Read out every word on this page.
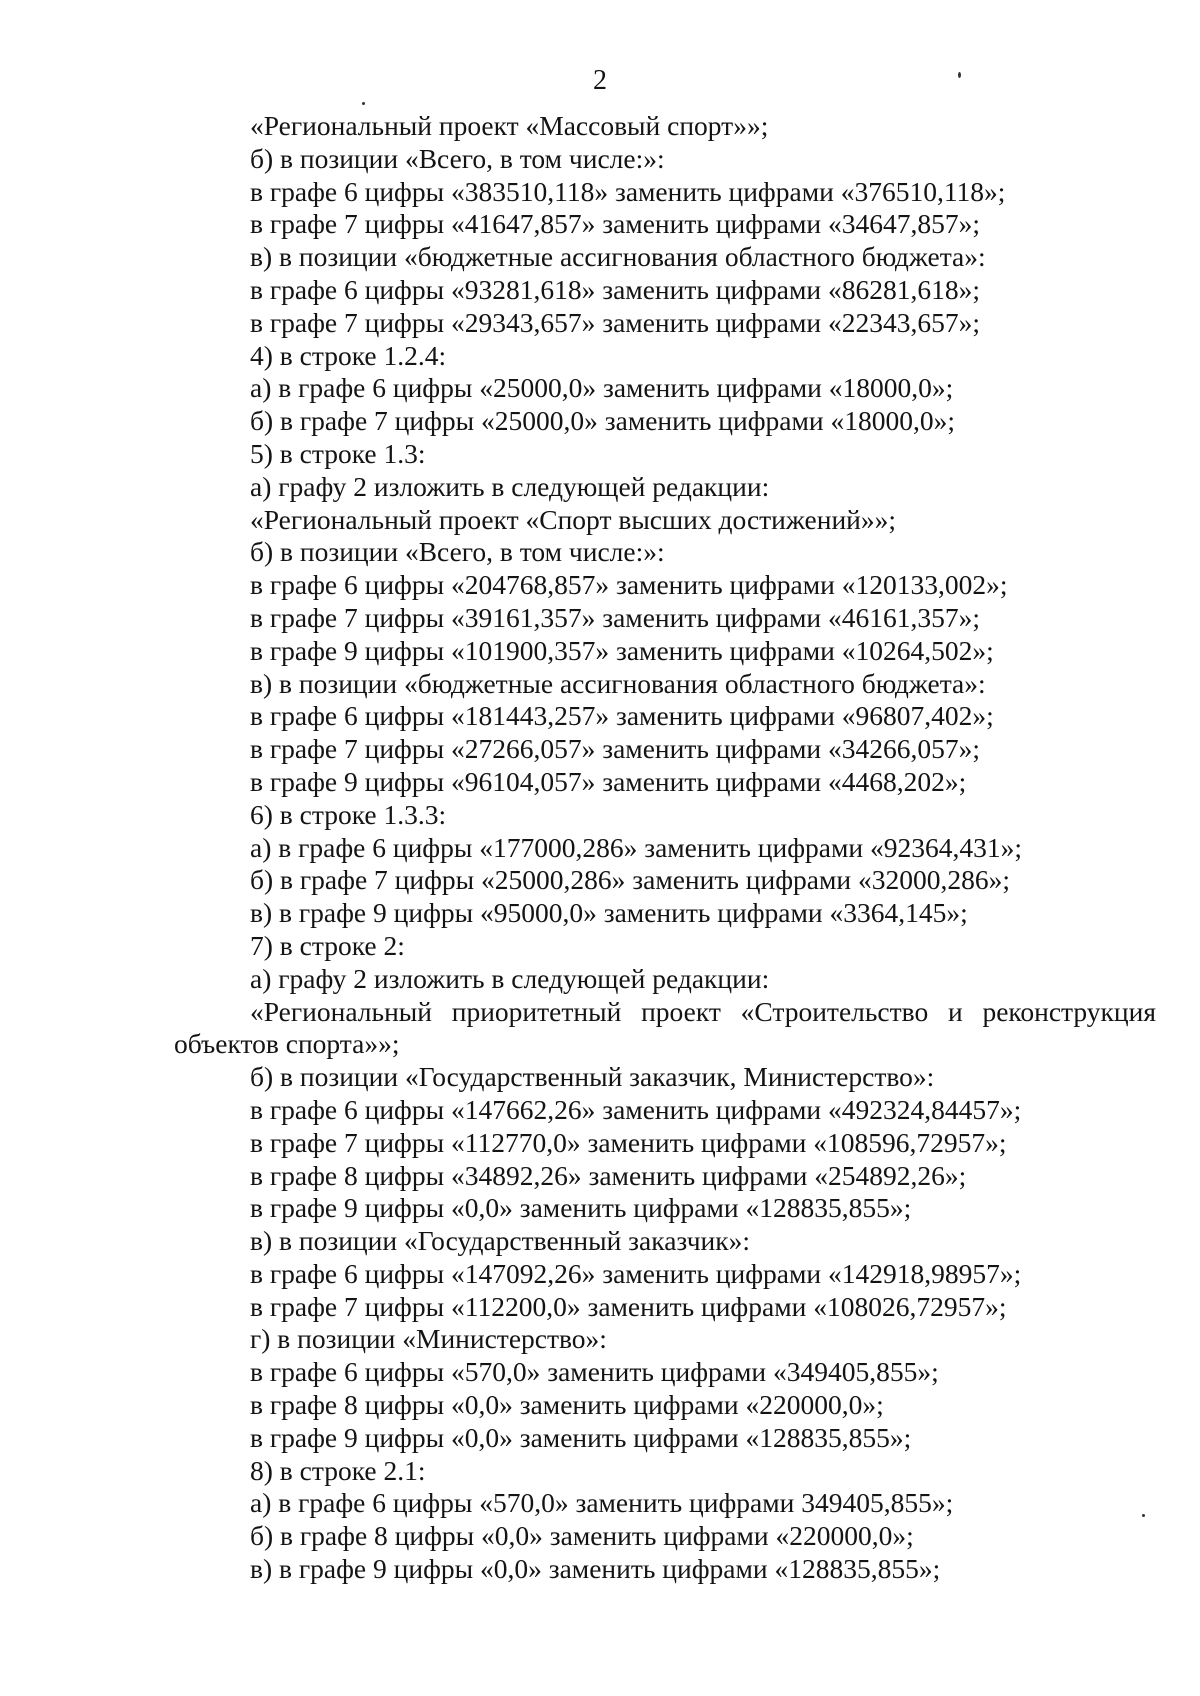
2
«Региональный проект «Массовый спорт»»;
б) в позиции «Всего, в том числе:»:
в графе 6 цифры «383510,118» заменить цифрами «376510,118»;
в графе 7 цифры «41647,857» заменить цифрами «34647,857»;
в) в позиции «бюджетные ассигнования областного бюджета»:
в графе 6 цифры «93281,618» заменить цифрами «86281,618»;
в графе 7 цифры «29343,657» заменить цифрами «22343,657»;
4) в строке 1.2.4:
а) в графе 6 цифры «25000,0» заменить цифрами «18000,0»;
б) в графе 7 цифры «25000,0» заменить цифрами «18000,0»;
5) в строке 1.3:
а) графу 2 изложить в следующей редакции:
«Региональный проект «Спорт высших достижений»»;
б) в позиции «Всего, в том числе:»:
в графе 6 цифры «204768,857» заменить цифрами «120133,002»;
в графе 7 цифры «39161,357» заменить цифрами «46161,357»;
в графе 9 цифры «101900,357» заменить цифрами «10264,502»;
в) в позиции «бюджетные ассигнования областного бюджета»:
в графе 6 цифры «181443,257» заменить цифрами «96807,402»;
в графе 7 цифры «27266,057» заменить цифрами «34266,057»;
в графе 9 цифры «96104,057» заменить цифрами «4468,202»;
6) в строке 1.3.3:
а) в графе 6 цифры «177000,286» заменить цифрами «92364,431»;
б) в графе 7 цифры «25000,286» заменить цифрами «32000,286»;
в) в графе 9 цифры «95000,0» заменить цифрами «3364,145»;
7) в строке 2:
а) графу 2 изложить в следующей редакции:
«Региональный приоритетный проект «Строительство и реконструкция
объектов спорта»»;
б) в позиции «Государственный заказчик, Министерство»:
в графе 6 цифры «147662,26» заменить цифрами «492324,84457»;
в графе 7 цифры «112770,0» заменить цифрами «108596,72957»;
в графе 8 цифры «34892,26» заменить цифрами «254892,26»;
в графе 9 цифры «0,0» заменить цифрами «128835,855»;
в) в позиции «Государственный заказчик»:
в графе 6 цифры «147092,26» заменить цифрами «142918,98957»;
в графе 7 цифры «112200,0» заменить цифрами «108026,72957»;
г) в позиции «Министерство»:
в графе 6 цифры «570,0» заменить цифрами «349405,855»;
в графе 8 цифры «0,0» заменить цифрами «220000,0»;
в графе 9 цифры «0,0» заменить цифрами «128835,855»;
8) в строке 2.1:
а) в графе 6 цифры «570,0» заменить цифрами 349405,855»;
б) в графе 8 цифры «0,0» заменить цифрами «220000,0»;
в) в графе 9 цифры «0,0» заменить цифрами «128835,855»;
